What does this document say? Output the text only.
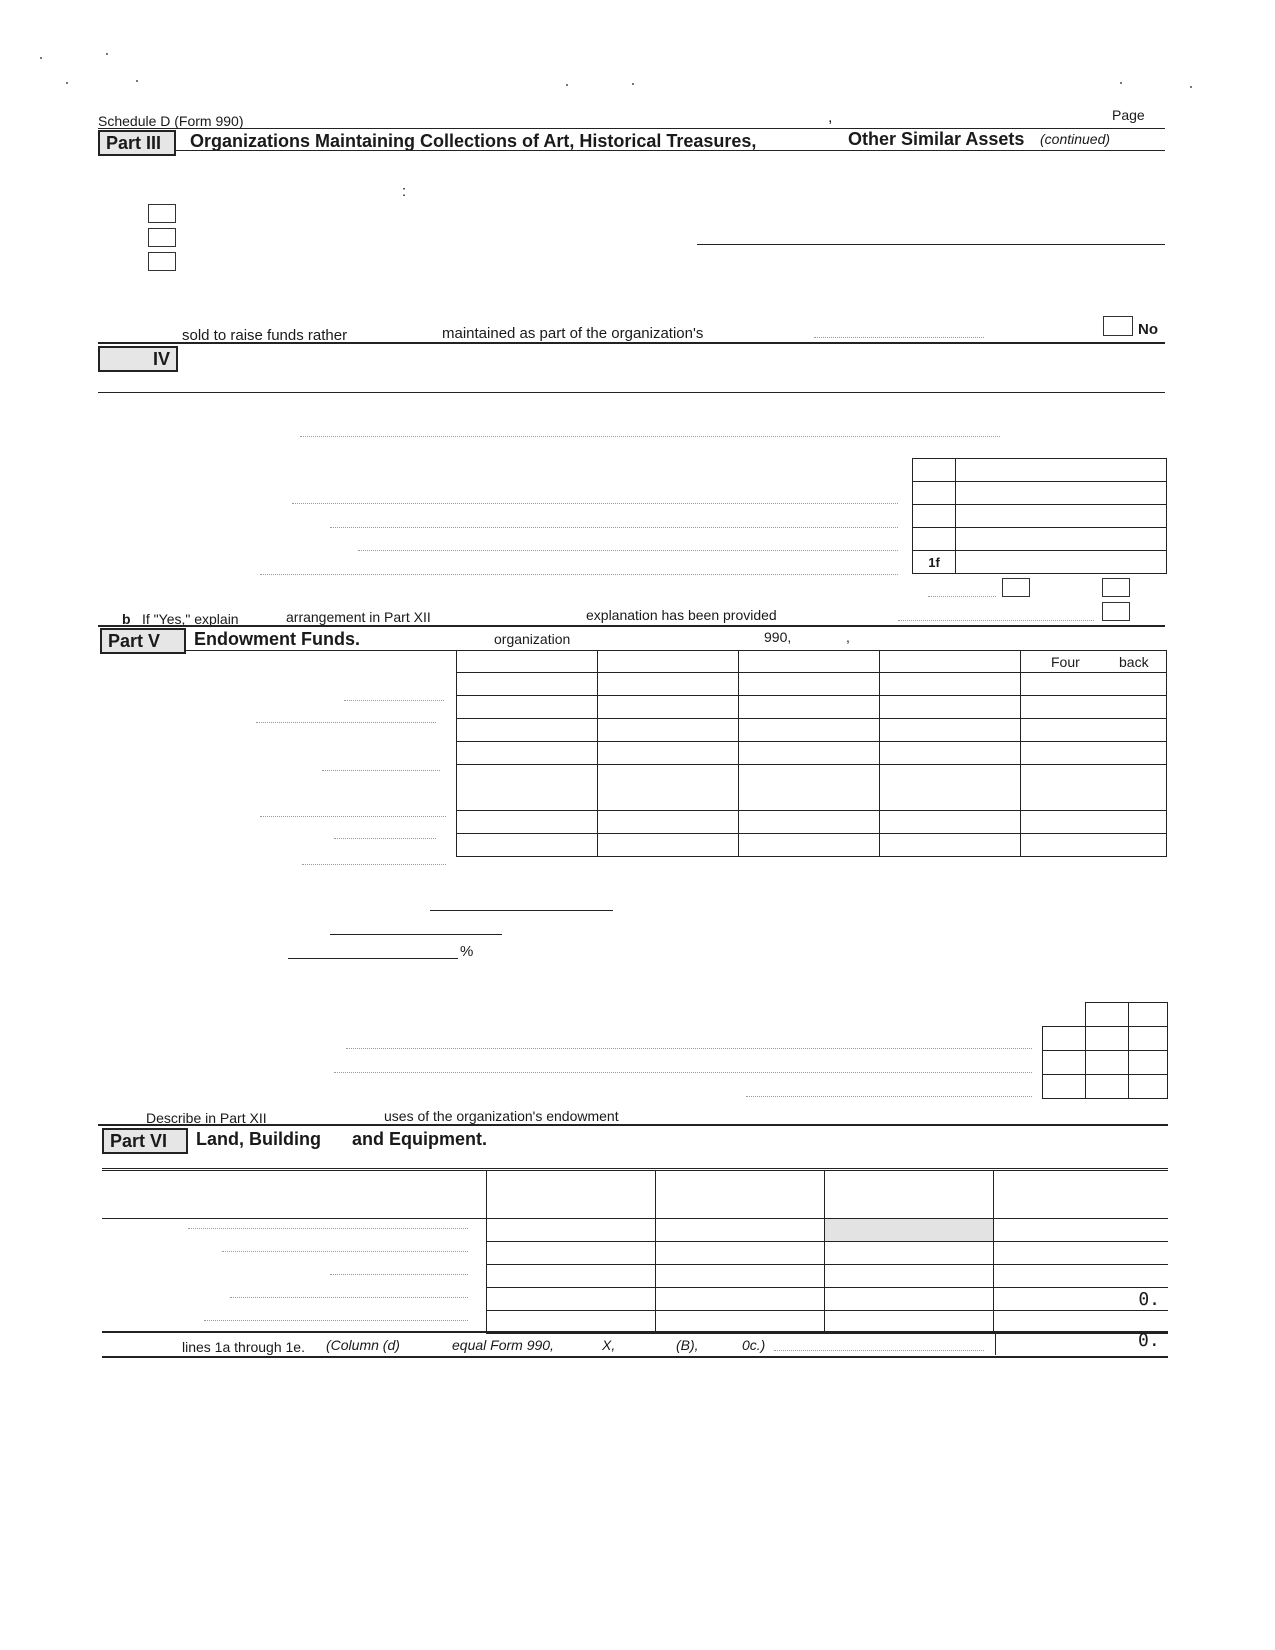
Schedule D (Form 990)	,	Page
Part III	Organizations Maintaining Collections of Art, Historical Treasures,	Other Similar Assets (continued)
:
sold to raise funds rather	maintained as part of the organization's	No
IV

1f	
b If "Yes," explain	arrangement in Part XII	explanation has been provided
Part V	Endowment Funds.	organization	990,	,

				Four back

%

Describe in Part XII	uses of the organization's endowment
Part VI	Land, Building and Equipment.

				0.

lines 1a through 1e. (Column (d)	equal Form 990,	X,	(B),	0c.)	0.
